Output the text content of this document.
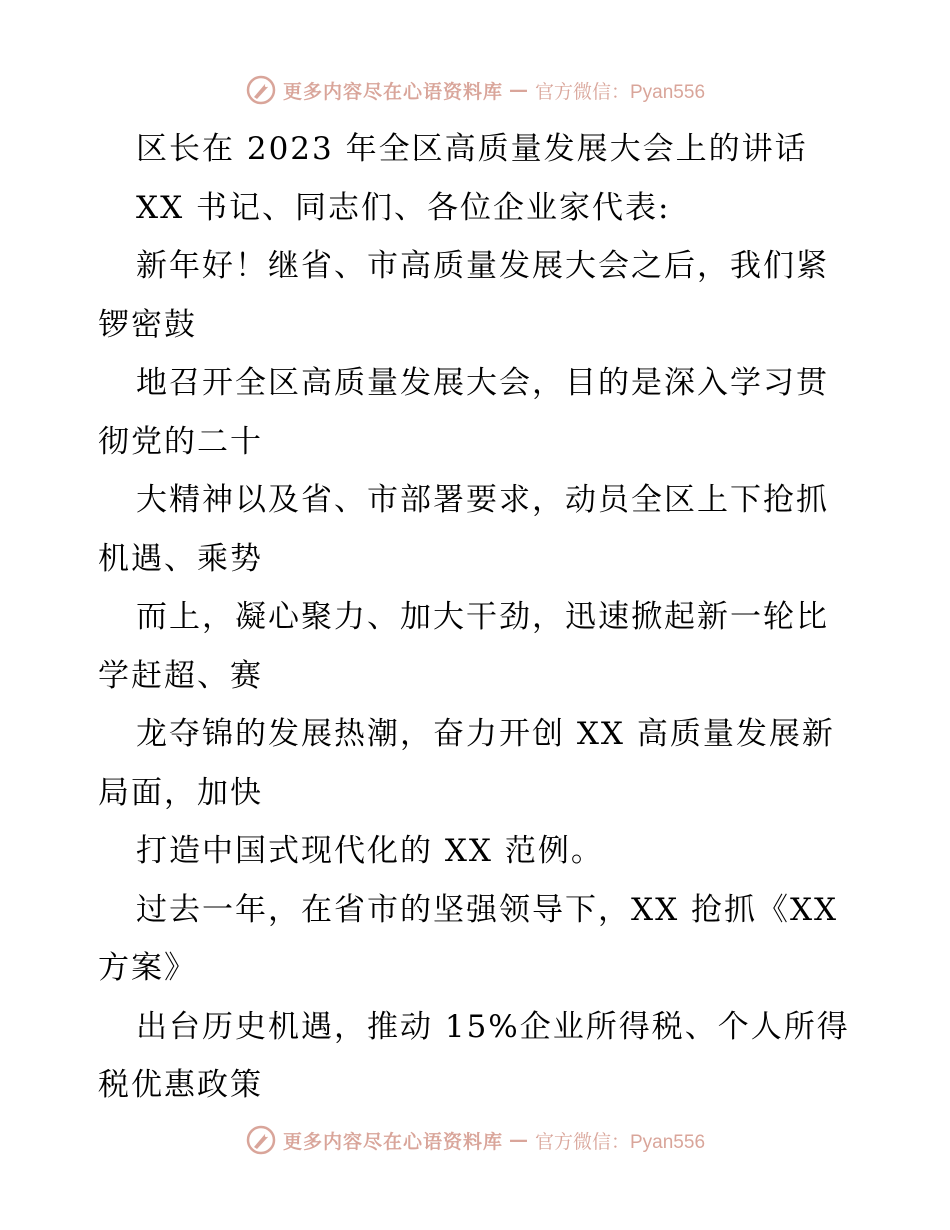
更多内容尽在心语资料库 — 官方微信：Pyan556
区长在 2023 年全区高质量发展大会上的讲话
XX 书记、同志们、各位企业家代表:
新年好！继省、市高质量发展大会之后，我们紧
锣密鼓
地召开全区高质量发展大会，目的是深入学习贯
彻党的二十
大精神以及省、市部署要求，动员全区上下抢抓
机遇、乘势
而上，凝心聚力、加大干劲，迅速掀起新一轮比
学赶超、赛
龙夺锦的发展热潮，奋力开创 XX 高质量发展新
局面，加快
打造中国式现代化的 XX 范例。
过去一年，在省市的坚强领导下，XX 抢抓《XX
方案》
出台历史机遇，推动 15%企业所得税、个人所得
税优惠政策
更多内容尽在心语资料库 — 官方微信：Pyan556
